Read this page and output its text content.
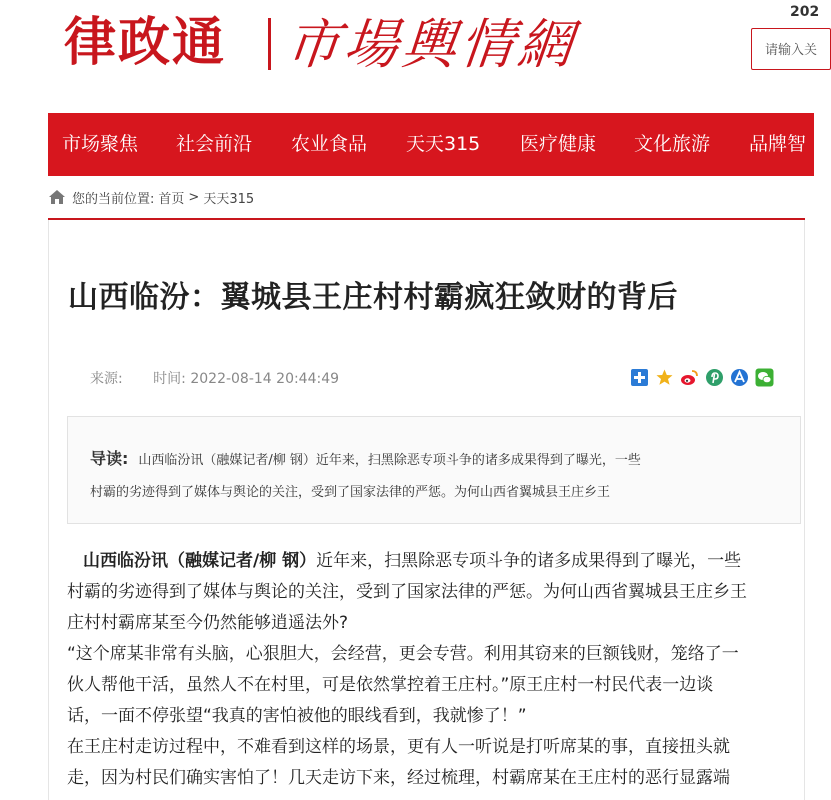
律政通 市場輿情網
202
请输入关
市场聚焦 社会前沿 农业食品 天天315 医疗健康 文化旅游 品牌智
您的当前位置: 首页 > 天天315
山西临汾：翼城县王庄村村霸疯狂敛财的背后
来源: 时间: 2022-08-14 20:44:49
导读: 山西临汾讯（融媒记者/柳 钢）近年来，扫黑除恶专项斗争的诸多成果得到了曝光，一些
村霸的劣迹得到了媒体与舆论的关注，受到了国家法律的严惩。为何山西省翼城县王庄乡王

山西临汾讯（融媒记者/柳 钢）近年来，扫黑除恶专项斗争的诸多成果得到了曝光，一些

村霸的劣迹得到了媒体与舆论的关注，受到了国家法律的严惩。为何山西省翼城县王庄乡王

庄村村霸席某至今仍然能够逍遥法外?

“这个席某非常有头脑，心狠胆大，会经营，更会专营。利用其窃来的巨额钱财，笼络了一

伙人帮他干活，虽然人不在村里，可是依然掌控着王庄村。”原王庄村一村民代表一边谈

话，一面不停张望“我真的害怕被他的眼线看到，我就惨了！”

在王庄村走访过程中，不难看到这样的场景，更有人一听说是打听席某的事，直接扭头就

走，因为村民们确实害怕了！几天走访下来，经过梳理，村霸席某在王庄村的恶行显露端
